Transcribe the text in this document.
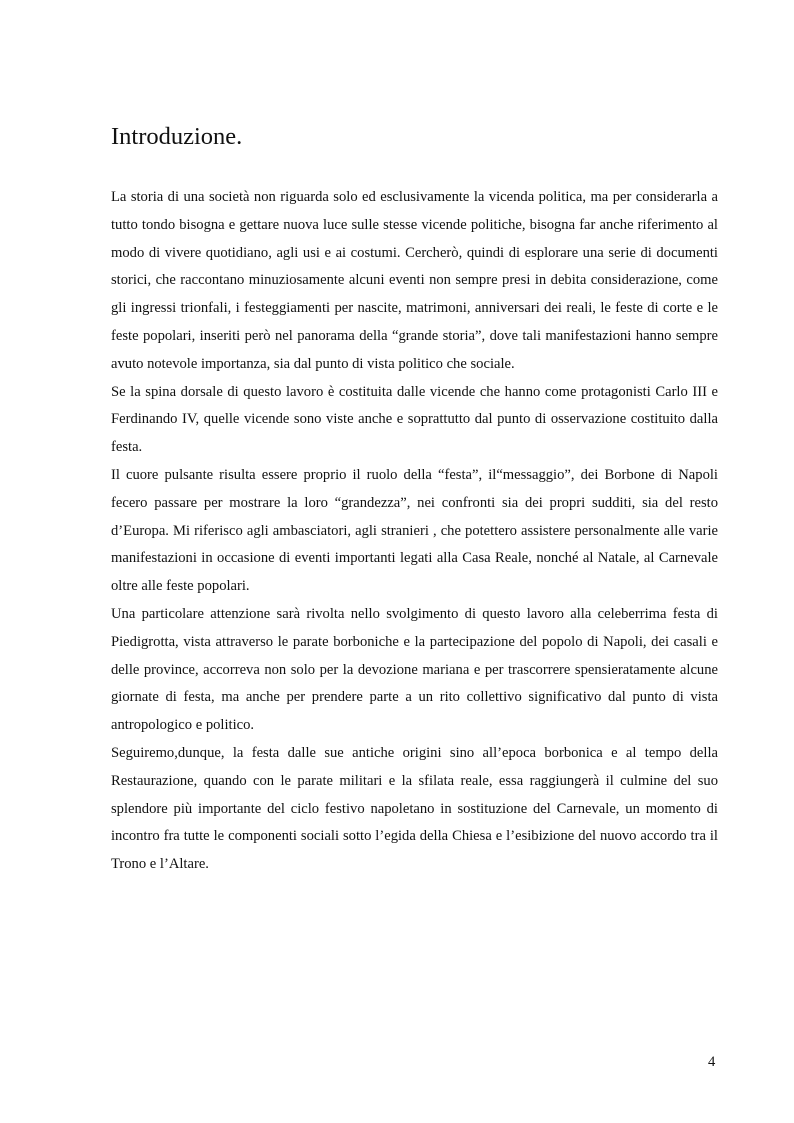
Introduzione.

La storia di una società non riguarda solo ed esclusivamente la vicenda politica, ma per considerarla a tutto tondo bisogna e gettare nuova luce sulle stesse vicende politiche, bisogna far anche riferimento al modo di vivere quotidiano, agli usi e ai costumi. Cercherò, quindi di esplorare una serie di documenti storici, che raccontano minuziosamente alcuni eventi non sempre presi in debita considerazione, come gli ingressi trionfali, i festeggiamenti per nascite, matrimoni, anniversari dei reali, le feste di corte e le feste popolari, inseriti però nel panorama della “grande storia”, dove tali manifestazioni hanno sempre avuto notevole importanza, sia dal punto di vista politico che sociale.

Se la spina dorsale di questo lavoro è costituita dalle vicende che hanno come protagonisti Carlo III e Ferdinando IV, quelle vicende sono viste anche e soprattutto dal punto di osservazione costituito dalla festa.

Il cuore pulsante risulta essere proprio il ruolo della “festa”, il“messaggio”, dei Borbone di Napoli fecero passare per mostrare la loro “grandezza”, nei confronti sia dei propri sudditi, sia del resto d’Europa. Mi riferisco agli ambasciatori, agli stranieri , che potettero assistere personalmente alle varie manifestazioni in occasione di eventi importanti legati alla Casa Reale, nonché al Natale, al Carnevale oltre alle feste popolari.

Una particolare attenzione sarà rivolta nello svolgimento di questo lavoro alla celeberrima festa di Piedigrotta, vista attraverso le parate borboniche e la partecipazione del popolo di Napoli, dei casali e delle province, accorreva non solo per la devozione mariana e per trascorrere spensieratamente alcune giornate di festa, ma anche per prendere parte a un rito collettivo significativo dal punto di vista antropologico e politico.

Seguiremo,dunque, la festa dalle sue antiche origini sino all’epoca borbonica e al tempo della Restaurazione, quando con le parate militari e la sfilata reale, essa raggiungerà il culmine del suo splendore più importante del ciclo festivo napoletano in sostituzione del Carnevale, un momento di incontro fra tutte le componenti sociali sotto l’egida della Chiesa e l’esibizione del nuovo accordo tra il Trono e l’Altare.

4
